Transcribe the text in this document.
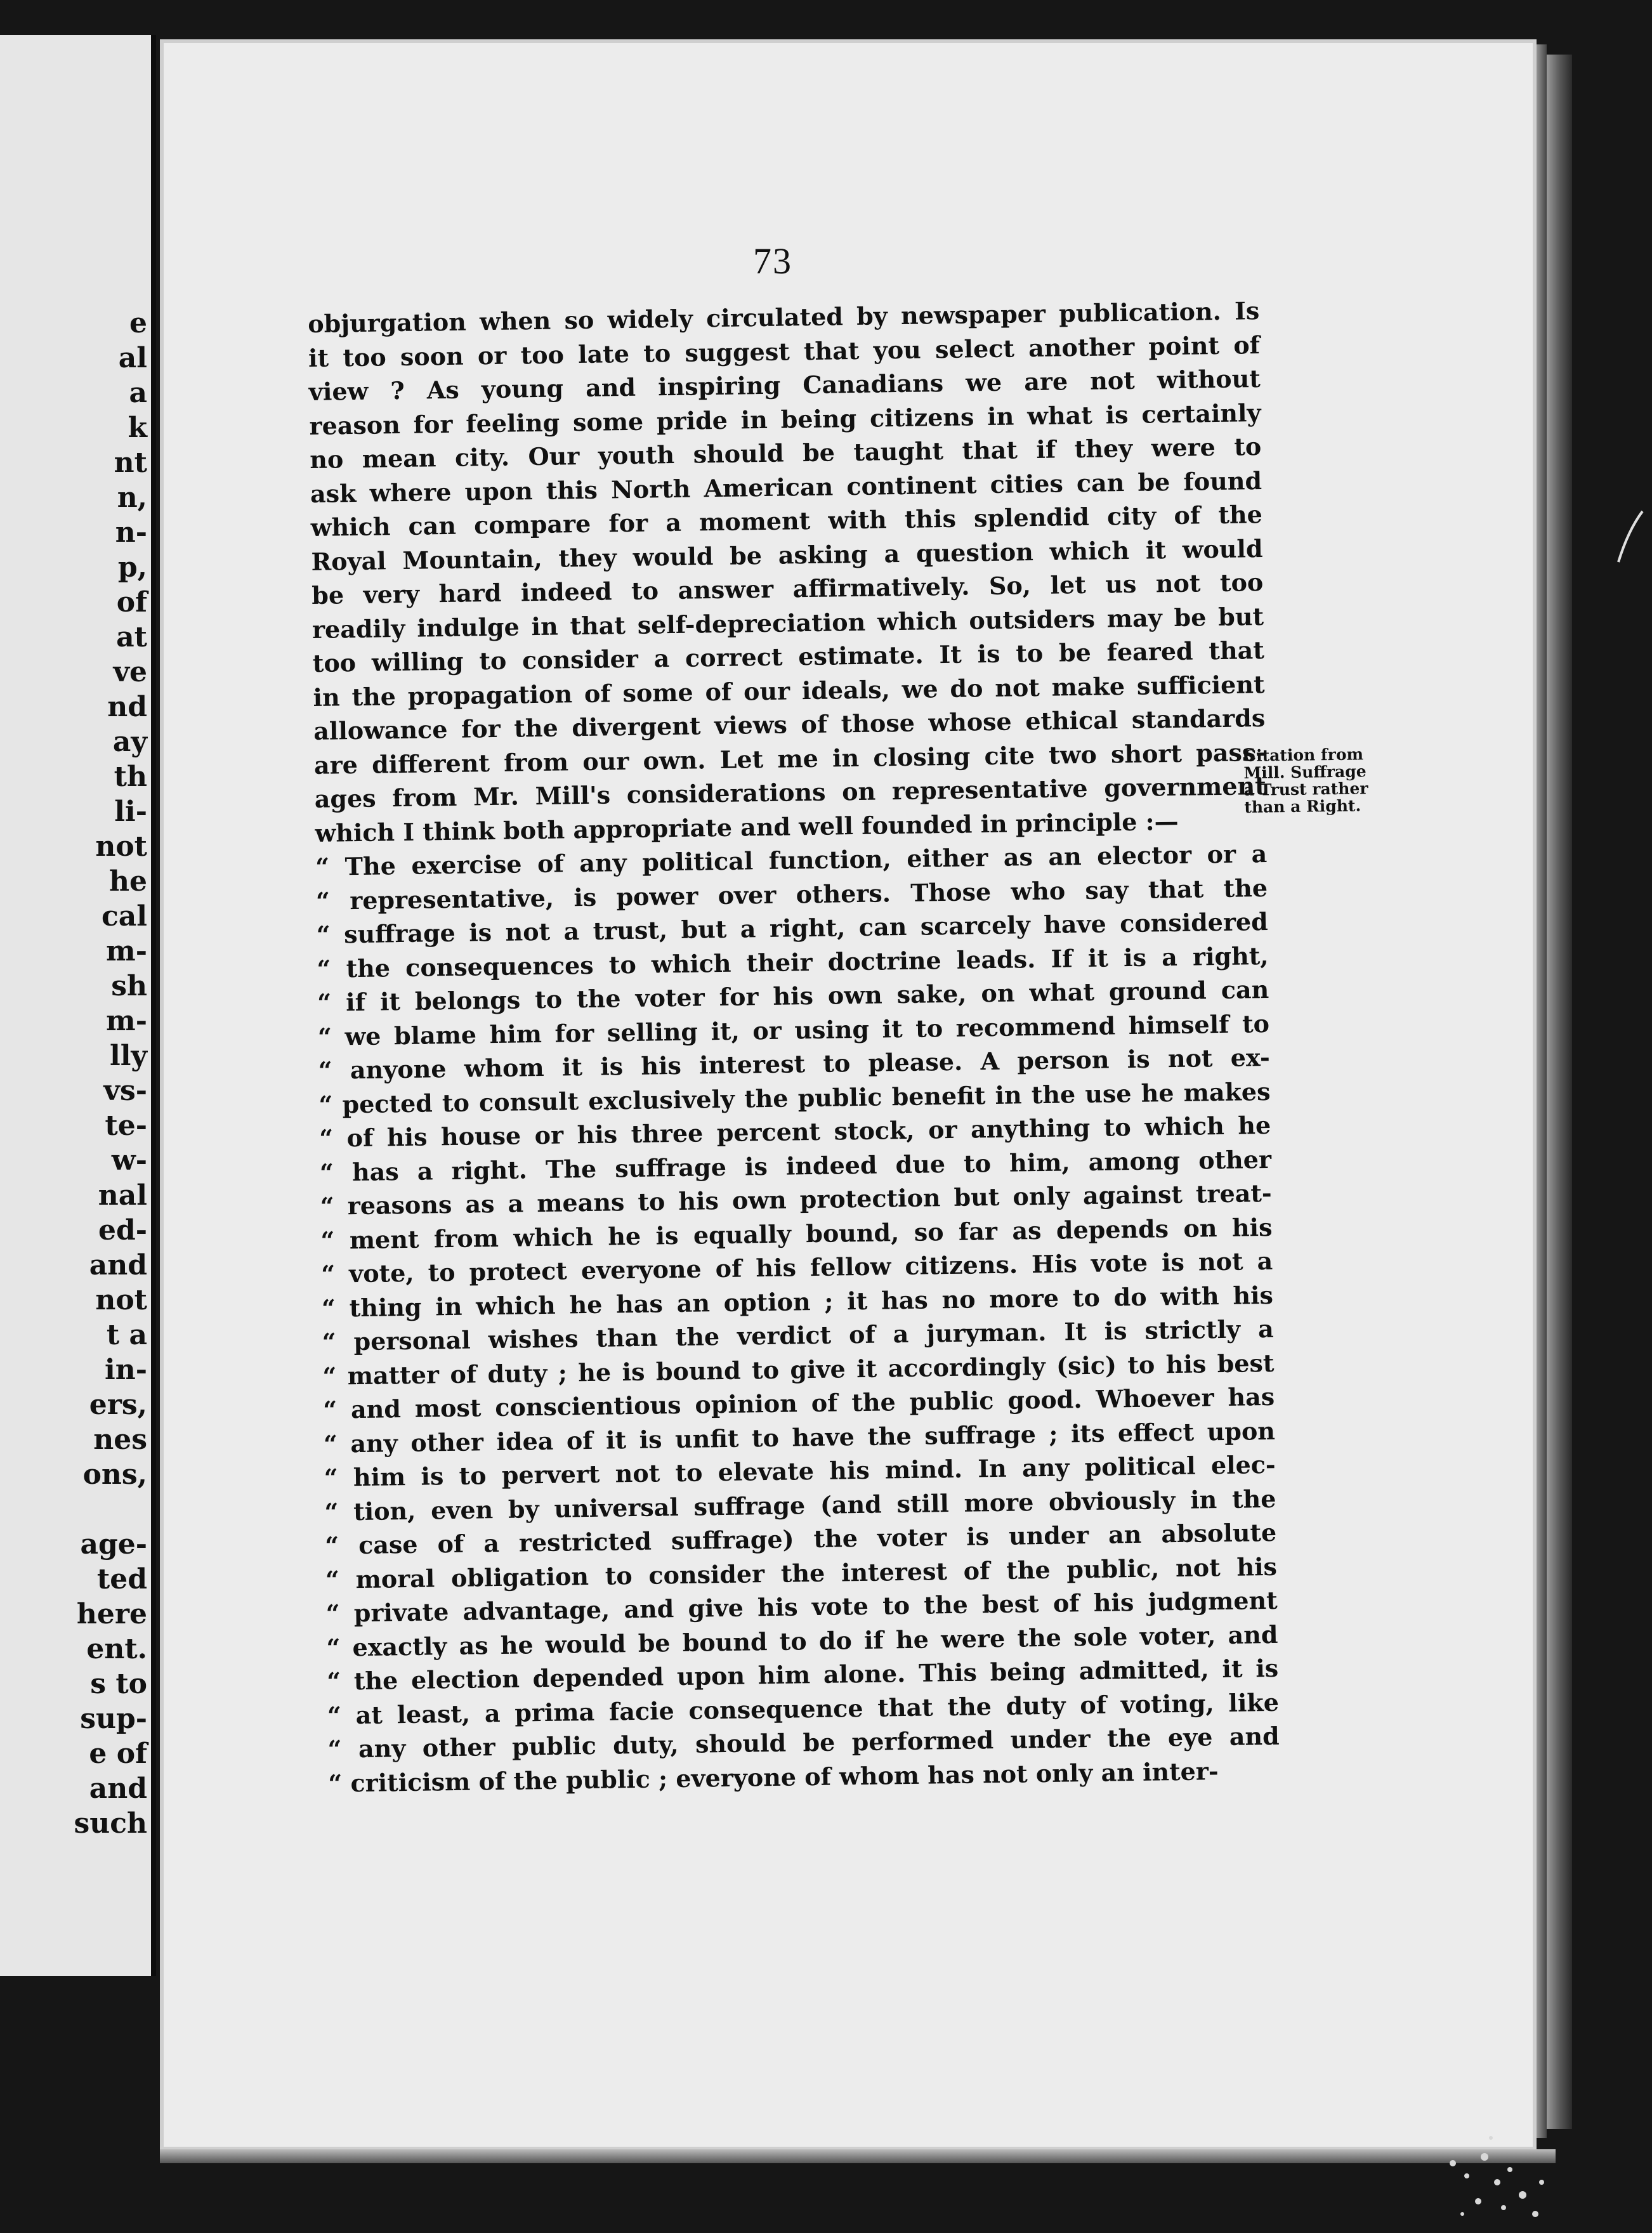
e
al
a
k
nt
n,
n-
p,
of
at
ve
nd
ay
th
li-
not
he
cal
m-
sh
m-
lly
vs-
te-
w-
nal
ed-
and
not
t a
in-
ers,
nes
ons,
age-
ted
here
ent.
s to
sup-
e of
and
such
73
objurgation when so widely circulated by newspaper publication. Is
it too soon or too late to suggest that you select another point of
view ? As young and inspiring Canadians we are not without
reason for feeling some pride in being citizens in what is certainly
no mean city. Our youth should be taught that if they were to
ask where upon this North American continent cities can be found
which can compare for a moment with this splendid city of the
Royal Mountain, they would be asking a question which it would
be very hard indeed to answer affirmatively. So, let us not too
readily indulge in that self-depreciation which outsiders may be but
too willing to consider a correct estimate. It is to be feared that
in the propagation of some of our ideals, we do not make sufficient
allowance for the divergent views of those whose ethical standards
are different from our own. Let me in closing cite two short pass-
ages from Mr. Mill's considerations on representative government
which I think both appropriate and well founded in principle :—
“ The exercise of any political function, either as an elector or a
“ representative, is power over others. Those who say that the
“ suffrage is not a trust, but a right, can scarcely have considered
“ the consequences to which their doctrine leads. If it is a right,
“ if it belongs to the voter for his own sake, on what ground can
“ we blame him for selling it, or using it to recommend himself to
“ anyone whom it is his interest to please. A person is not ex-
“ pected to consult exclusively the public benefit in the use he makes
“ of his house or his three percent stock, or anything to which he
“ has a right. The suffrage is indeed due to him, among other
“ reasons as a means to his own protection but only against treat-
“ ment from which he is equally bound, so far as depends on his
“ vote, to protect everyone of his fellow citizens. His vote is not a
“ thing in which he has an option ; it has no more to do with his
“ personal wishes than the verdict of a juryman. It is strictly a
“ matter of duty ; he is bound to give it accordingly (sic) to his best
“ and most conscientious opinion of the public good. Whoever has
“ any other idea of it is unfit to have the suffrage ; its effect upon
“ him is to pervert not to elevate his mind. In any political elec-
“ tion, even by universal suffrage (and still more obviously in the
“ case of a restricted suffrage) the voter is under an absolute
“ moral obligation to consider the interest of the public, not his
“ private advantage, and give his vote to the best of his judgment
“ exactly as he would be bound to do if he were the sole voter, and
“ the election depended upon him alone. This being admitted, it is
“ at least, a prima facie consequence that the duty of voting, like
“ any other public duty, should be performed under the eye and
“ criticism of the public ; everyone of whom has not only an inter-
Citation from
Mill. Suffrage
a Trust rather
than a Right.
